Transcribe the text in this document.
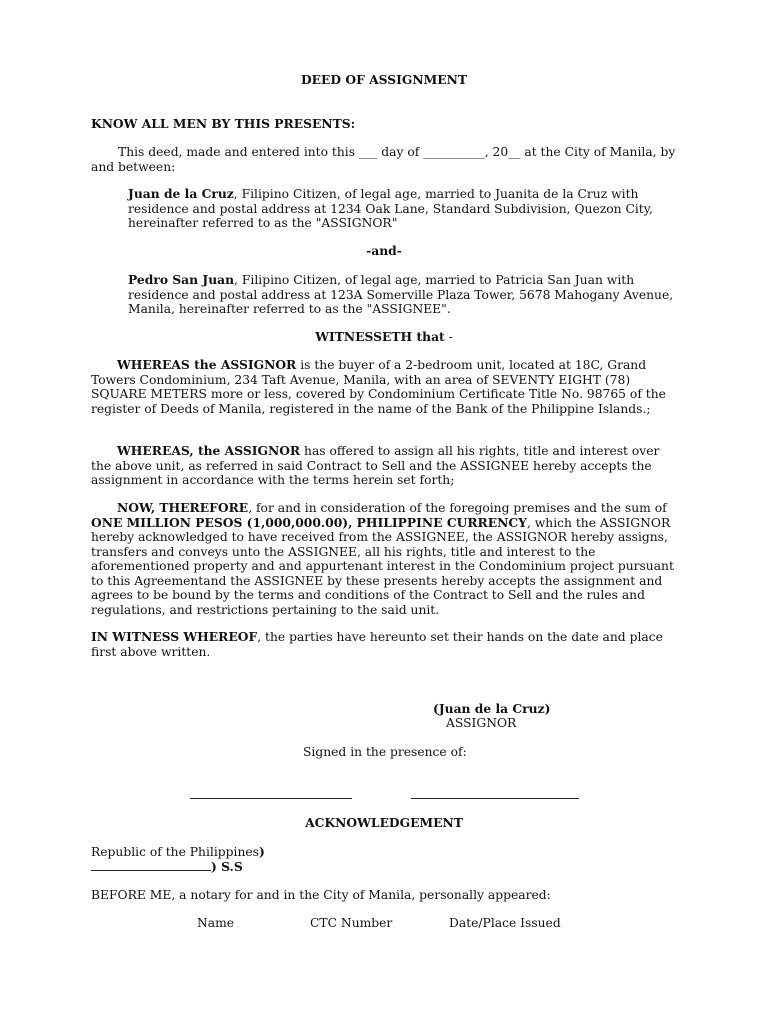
DEED OF ASSIGNMENT
KNOW ALL MEN BY THIS PRESENTS:
This deed, made and entered into this ___ day of __________, 20__ at the City of Manila, by and between:
Juan de la Cruz, Filipino Citizen, of legal age, married to Juanita de la Cruz with residence and postal address at 1234 Oak Lane, Standard Subdivision, Quezon City, hereinafter referred to as the "ASSIGNOR"
-and-
Pedro San Juan, Filipino Citizen, of legal age, married to Patricia San Juan with residence and postal address at 123A Somerville Plaza Tower, 5678 Mahogany Avenue, Manila, hereinafter referred to as the "ASSIGNEE".
WITNESSETH that -
WHEREAS the ASSIGNOR is the buyer of a 2-bedroom unit, located at 18C, Grand Towers Condominium, 234 Taft Avenue, Manila, with an area of SEVENTY EIGHT (78) SQUARE METERS more or less, covered by Condominium Certificate Title No. 98765 of the register of Deeds of Manila, registered in the name of the Bank of the Philippine Islands.;
WHEREAS, the ASSIGNOR has offered to assign all his rights, title and interest over the above unit, as referred in said Contract to Sell and the ASSIGNEE hereby accepts the assignment in accordance with the terms herein set forth;
NOW, THEREFORE, for and in consideration of the foregoing premises and the sum of ONE MILLION PESOS (1,000,000.00), PHILIPPINE CURRENCY, which the ASSIGNOR hereby acknowledged to have received from the ASSIGNEE, the ASSIGNOR hereby assigns, transfers and conveys unto the ASSIGNEE, all his rights, title and interest to the aforementioned property and and appurtenant interest in the Condominium project pursuant to this Agreementand the ASSIGNEE by these presents hereby accepts the assignment and agrees to be bound by the terms and conditions of the Contract to Sell and the rules and regulations, and restrictions pertaining to the said unit.
IN WITNESS WHEREOF, the parties have hereunto set their hands on the date and place first above written.
(Juan de la Cruz)
ASSIGNOR
Signed in the presence of:
ACKNOWLEDGEMENT
Republic of the Philippines)
) S.S
BEFORE ME, a notary for and in the City of Manila, personally appeared:
Name	CTC Number	Date/Place Issued
